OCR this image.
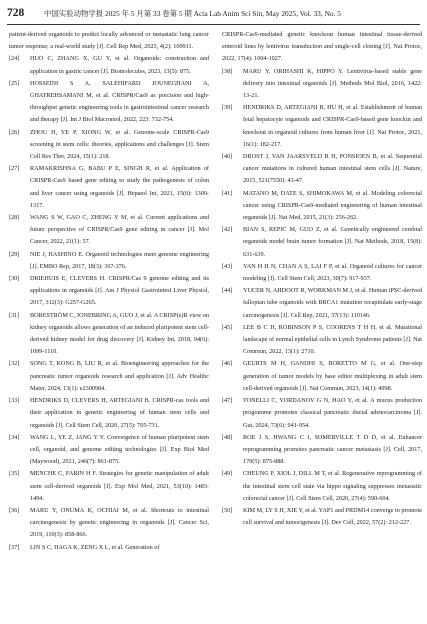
728	中国实验动物学报 2025 年 5 月第 33 卷第 5 期 Acta Lab Anim Sci Sin, May 2025, Vol. 33, No. 5
patient-derived organoids to predict locally advanced or metastatic lung cancer tumor response; a real-world study [J]. Cell Rep Med, 2023, 4(2): 100911.
[24] HUO C, ZHANG X, GU Y, et al. Organoids: construction and application in gastric cancer [J]. Biomolecules, 2023, 13(5): 875.
[25] HOSSEINI S A, SALEHIFARD JOUNEGHANI A, GHATREHSAMANI M, et al. CRISPR/Cas9 as precision and high-throughput genetic engineering tools in gastrointestinal cancer research and therapy [J]. Int J Biol Macromol, 2022, 223: 732-754.
[26] ZHOU H, YE P, XIONG W, et al. Genome-scale CRISPR-Cas9 screening in stem cells: theories, applications and challenges [J]. Stem Cell Res Ther, 2024, 15(1): 218.
[27] RAMAKRISHNA G, BABU P E, SINGH R, et al. Application of CRISPR-Cas9 based gene editing to study the pathogenesis of colon and liver cancer using organoids [J]. Hepatol Int, 2021, 15(6): 1309-1317.
[28] WANG S W, GAO C, ZHENG Y M, et al. Current applications and future perspective of CRISPR/Cas9 gene editing in cancer [J]. Mol Cancer, 2022, 21(1): 57.
[29] NIE J, HASHINO E. Organoid technologies meet genome engineering [J]. EMBO Rep, 2017, 18(3): 367-376.
[30] DRIEHUIS E, CLEVERS H. CRISPR/Cas 9 genome editing and its applications in organoids [J]. Am J Physiol Gastrointest Liver Physiol, 2017, 312(3): G257-G265.
[31] BORESTRÖM C, JONEBRING A, GUO J, et al. A CRISP(e)R view on kidney organoids allows generation of an induced pluripotent stem cell-derived kidney model for drug discovery [J]. Kidney Int, 2018, 94(6): 1099-1110.
[32] SONG T, KONG B, LIU R, et al. Bioengineering approaches for the pancreatic tumor organoids research and application [J]. Adv Healthc Mater, 2024, 13(1): e2300984.
[33] HENDRIKS D, CLEVERS H, ARTEGIANI B. CRISPR-cas tools and their application in genetic engineering of human stem cells and organoids [J]. Cell Stem Cell, 2020, 27(5): 705-731.
[34] WANG L, YE Z, JANG Y Y. Convergence of human pluripotent stem cell, organoid, and genome editing technologies [J]. Exp Biol Med (Maywood), 2021, 246(7): 861-875.
[35] MENCHE C, FARIN H F. Strategies for genetic manipulation of adult stem cell-derived organoids [J]. Exp Mol Med, 2021, 53(10): 1483-1494.
[36] MARU Y, ONUMA K, OCHIAI M, et al. Shortcuts to intestinal carcinogenesis by genetic engineering in organoids [J]. Cancer Sci, 2019, 110(3): 858-866.
[37] LIN S C, HAGA K, ZENG X L, et al. Generation of
CRISPR-Cas9-mediated genetic knockout human intestinal tissue-derived enteroid lines by lentivirus transduction and single-cell cloning [J]. Nat Protoc, 2022, 17(4): 1004-1027.
[38] MARU Y, ORIHASHI K, HIPPO Y. Lentivirus-based stable gene delivery into intestinal organoids [J]. Methods Mol Biol, 2016, 1422: 13-21.
[39] HENDRIKS D, ARTEGIANI B, HU H, et al. Establishment of human fetal hepatocyte organoids and CRISPR-Cas9-based gene knockin and knockout in organoid cultures from human liver [J]. Nat Protoc, 2021, 16(1): 182-217.
[40] DROST J, VAN JAARSVELD R H, PONSIOEN B, et al. Sequential cancer mutations in cultured human intestinal stem cells [J]. Nature, 2015, 521(7550): 43-47.
[41] MATANO M, DATE S, SHIMOKAWA M, et al. Modeling colorectal cancer using CRISPR-Cas9-mediated engineering of human intestinal organoids [J]. Nat Med, 2015, 21(3): 256-262.
[42] BIAN S, REPIC M, GUO Z, et al. Genetically engineered cerebral organoids model brain tumor formation [J]. Nat Methods, 2018, 15(8): 631-639.
[43] YAN H H N, CHAN A S, LAI F P, et al. Organoid cultures for cancer modeling [J]. Cell Stem Cell, 2023, 30(7): 917-937.
[44] YUCER N, AHDOOT R, WORKMAN M J, et al. Human iPSC-derived fallopian tube organoids with BRCA1 mutation recapitulate early-stage carcinogenesis [J]. Cell Rep, 2021, 37(13): 110146.
[45] LEE B C H, ROBINSON P S, COORENS T H H, et al. Mutational landscape of normal epithelial cells in Lynch Syndrome patients [J]. Nat Commun, 2022, 13(1): 2710.
[46] GEURTS M H, GANDHI S, BORETTO M G, et al. One-step generation of tumor models by base editor multiplexing in adult stem cell-derived organoids [J]. Nat Commun, 2023, 14(1): 4998.
[47] TONELLI C, YORDANOV G N, HAO Y, et al. A mucus production programme promotes classical pancreatic ductal adenocarcinoma [J]. Gut, 2024, 73(6): 941-954.
[48] ROE J S, HWANG C I, SOMERVILLE T D D, et al. Enhancer reprogramming promotes pancreatic cancer metastasis [J]. Cell, 2017, 170(5): 875-888.
[49] CHEUNG P, XIOL J, DILL M T, et al. Regenerative reprogramming of the intestinal stem cell state via hippo signaling suppresses metastatic colorectal cancer [J]. Cell Stem Cell, 2020, 27(4): 590-604.
[50] KIM M, LY S H, XIE Y, et al. YAP1 and PRDM14 converge to promote cell survival and tumorigenesis [J]. Dev Cell, 2022, 57(2): 212-227.
